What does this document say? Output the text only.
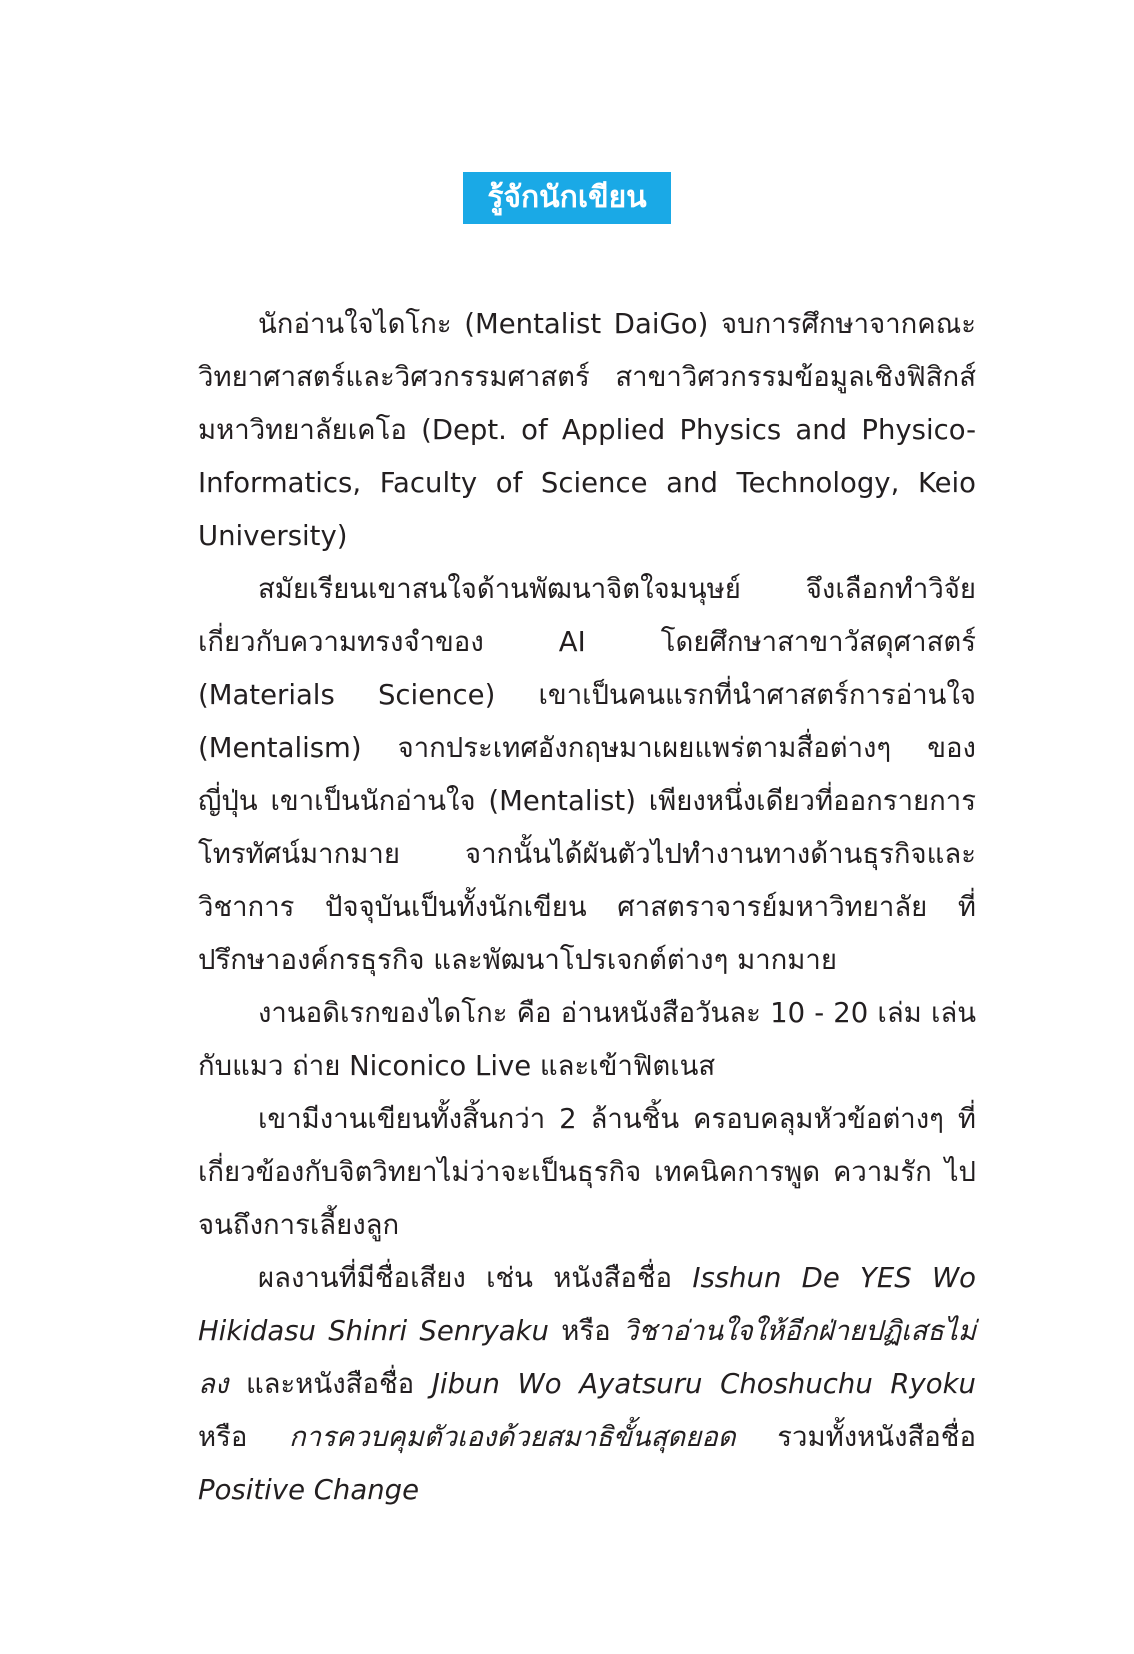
รู้จักนักเขียน

นักอ่านใจไดโกะ (Mentalist DaiGo) จบการศึกษาจากคณะวิทยาศาสตร์และวิศวกรรมศาสตร์ สาขาวิศวกรรมข้อมูลเชิงฟิสิกส์ มหาวิทยาลัยเคโอ (Dept. of Applied Physics and Physico-Informatics, Faculty of Science and Technology, Keio University)

สมัยเรียนเขาสนใจด้านพัฒนาจิตใจมนุษย์ จึงเลือกทำวิจัยเกี่ยวกับความทรงจำของ AI โดยศึกษาสาขาวัสดุศาสตร์ (Materials Science) เขาเป็นคนแรกที่นำศาสตร์การอ่านใจ (Mentalism) จากประเทศอังกฤษมาเผยแพร่ตามสื่อต่างๆ ของญี่ปุ่น เขาเป็นนักอ่านใจ (Mentalist) เพียงหนึ่งเดียวที่ออกรายการโทรทัศน์มากมาย จากนั้นได้ผันตัวไปทำงานทางด้านธุรกิจและวิชาการ ปัจจุบันเป็นทั้งนักเขียน ศาสตราจารย์มหาวิทยาลัย ที่ปรึกษาองค์กรธุรกิจ และพัฒนาโปรเจกต์ต่างๆ มากมาย

งานอดิเรกของไดโกะ คือ อ่านหนังสือวันละ 10 - 20 เล่ม เล่นกับแมว ถ่าย Niconico Live และเข้าฟิตเนส

เขามีงานเขียนทั้งสิ้นกว่า 2 ล้านชิ้น ครอบคลุมหัวข้อต่างๆ ที่เกี่ยวข้องกับจิตวิทยาไม่ว่าจะเป็นธุรกิจ เทคนิคการพูด ความรัก ไปจนถึงการเลี้ยงลูก

ผลงานที่มีชื่อเสียง เช่น หนังสือชื่อ Isshun De YES Wo Hikidasu Shinri Senryaku หรือ วิชาอ่านใจให้อีกฝ่ายปฏิเสธไม่ลง และหนังสือชื่อ Jibun Wo Ayatsuru Choshuchu Ryoku หรือ การควบคุมตัวเองด้วยสมาธิขั้นสุดยอด รวมทั้งหนังสือชื่อ Positive Change
